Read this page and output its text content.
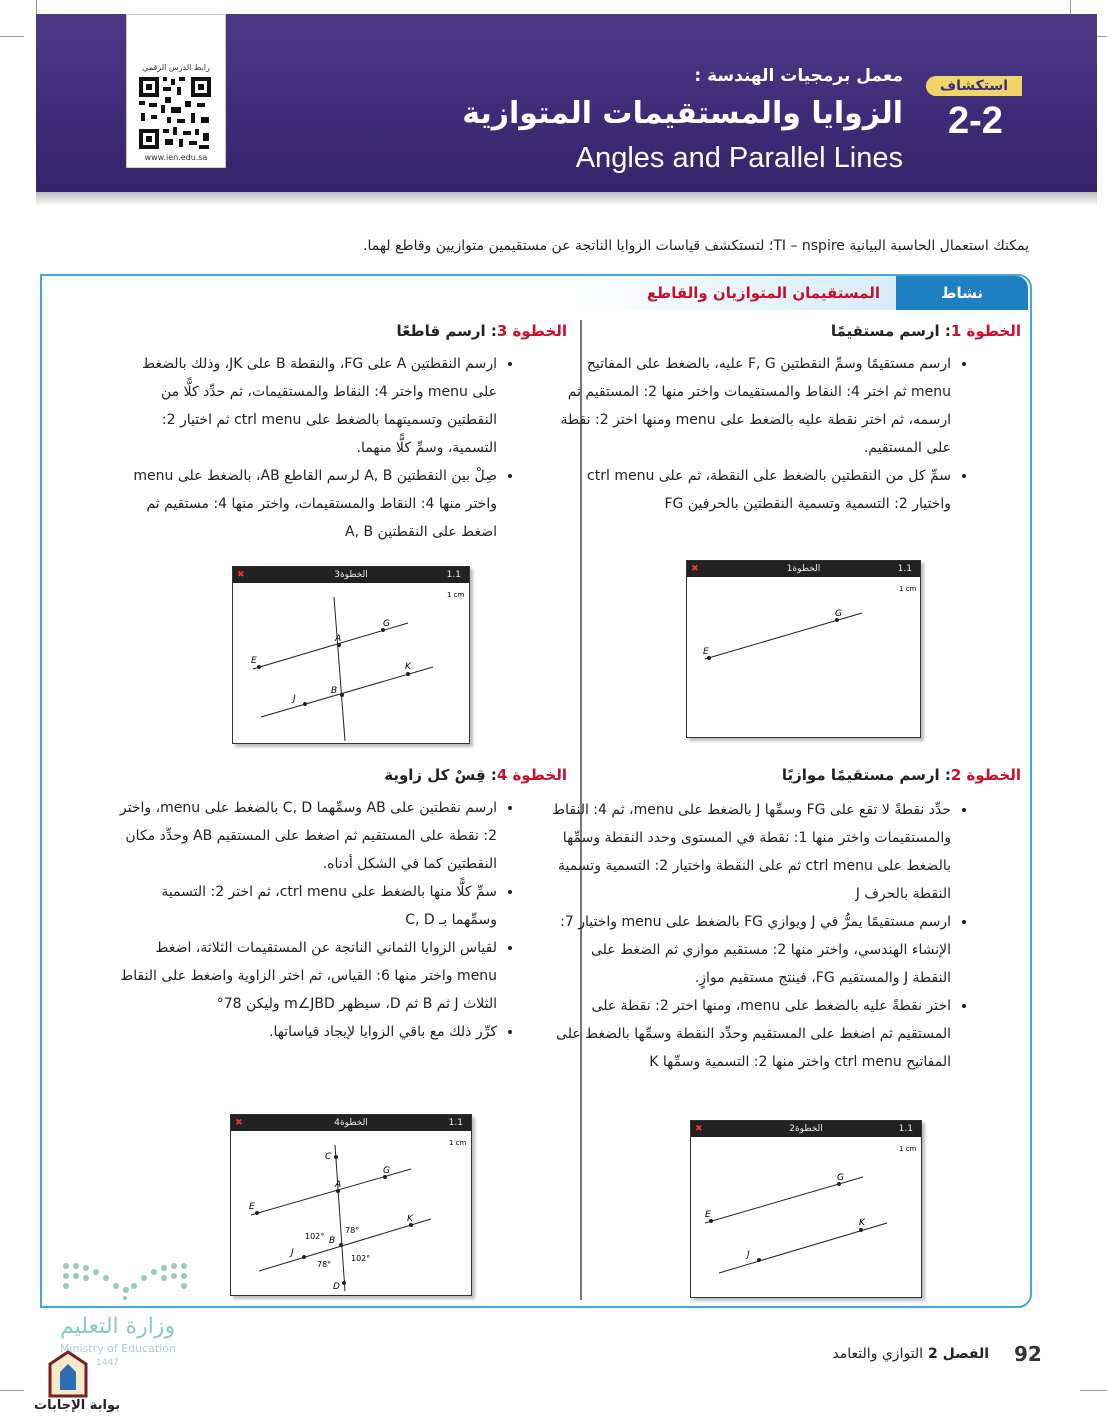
رابط الدرس الرقمي
www.ien.edu.sa
معمل برمجيات الهندسة :
الزوايا والمستقيمات المتوازية
Angles and Parallel Lines
استكشاف
2-2
يمكنك استعمال الحاسبة البيانية TI – nspire؛ لتستكشف قياسات الزوايا الناتجة عن مستقيمين متوازيين وقاطع لهما.
المستقيمان المتوازيان والقاطع	نشاط
الخطوة 1: ارسم مستقيمًا
• ارسم مستقيمًا وسمِّ النقطتين F, G عليه، بالضغط على المفاتيح menu ثم اختر 4: النقاط والمستقيمات واختر منها 2: المستقيم ثم ارسمه، ثم اختر نقطة عليه بالضغط على menu ومنها اختر 2: نقطة على المستقيم.
• سمِّ كل من النقطتين بالضغط على النقطة، ثم على ctrl menu واختيار 2: التسمية وتسمية النقطتين بالحرفين FG
الخطوة 3: ارسم قاطعًا
• ارسم النقطتين A على FG، والنقطة B على JK، وذلك بالضغط على menu واختر 4: النقاط والمستقيمات، ثم حدِّد كلًّا من النقطتين وتسميتهما بالضغط على ctrl menu ثم اختيار 2: التسمية، وسمِّ كلًّا منهما.
• صِلْ بين النقطتين A, B لرسم القاطع AB، بالضغط على menu واختر منها 4: النقاط والمستقيمات، واختر منها 4: مستقيم ثم اضغط على النقطتين A, B
✖	الخطوة1	1.1
E
G
1 cm
✖	الخطوة3	1.1
E
G
A
B
J
K
1 cm
الخطوة 2: ارسم مستقيمًا موازيًا
• حدِّد نقطةً لا تقع على FG وسمِّها J بالضغط على menu، ثم 4: النقاط والمستقيمات واختر منها 1: نقطة في المستوى وحدد النقطة وسمِّها بالضغط على ctrl menu ثم على النقطة واختيار 2: التسمية وتسمية النقطة بالحرف J
• ارسم مستقيمًا يمرُّ في J ويوازي FG بالضغط على menu واختيار 7: الإنشاء الهندسي، واختر منها 2: مستقيم موازي ثم الضغط على النقطة J والمستقيم FG، فينتج مستقيم موازٍ.
• اختر نقطةً عليه بالضغط على menu، ومنها اختر 2: نقطة على المستقيم ثم اضغط على المستقيم وحدِّد النقطة وسمِّها بالضغط على المفاتيح ctrl menu واختر منها 2: التسمية وسمِّها K
الخطوة 4: قِسْ كل زاوية
• ارسم نقطتين على AB وسمِّهما C, D بالضغط على menu، واختر 2: نقطة على المستقيم ثم اضغط على المستقيم AB وحدِّد مكان النقطتين كما في الشكل أدناه.
• سمِّ كلًّا منها بالضغط على ctrl menu، ثم اختر 2: التسمية وسمِّهما بـ C, D
• لقياس الزوايا الثماني الناتجة عن المستقيمات الثلاثة، اضغط menu واختر منها 6: القياس، ثم اختر الزاوية واضغط على النقاط الثلاث J ثم B ثم D، سيظهر m∠JBD وليكن 78°
• كرِّر ذلك مع باقي الزوايا لإيجاد قياساتها.
✖	الخطوة2	1.1
E
G
J
K
1 cm
✖	الخطوة4	1.1
E
G
A
B
J
K
C
D
102°
78°
78°
102°
1 cm
وزارة التعليم
Ministry of Education
1447
بوابة الإجابات
الفصل 2 التوازي والتعامد	92
